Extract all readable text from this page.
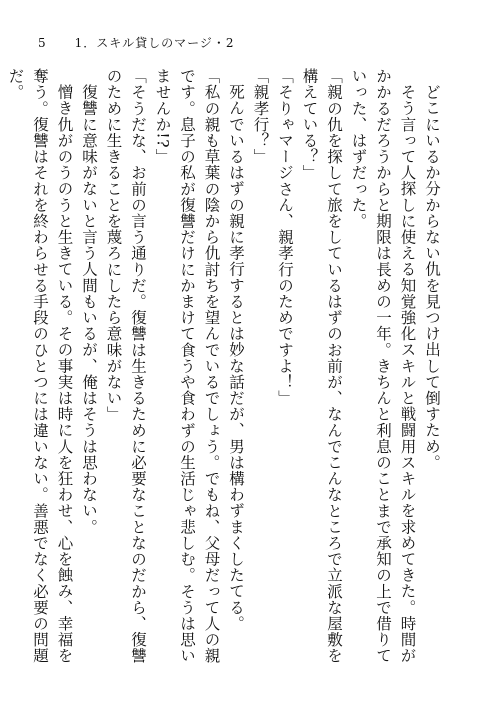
5 1．スキル貸しのマージ・2

どこにいるか分からない仇を見つけ出して倒すため。

そう言って人探しに使える知覚強化スキルと戦闘用スキルを求めてきた。時間がかかるだろうからと期限は長めの一年。きちんと利息のことまで承知の上で借りていった、はずだった。

「親の仇を探して旅をしているはずのお前が、なんでこんなところで立派な屋敷を構えている？」

「そりゃマージさん、親孝行のためですよ！」

「親孝行？」

死んでいるはずの親に孝行するとは妙な話だが、男は構わずまくしたてる。

「私の親も草葉の陰から仇討ちを望んでいるでしょう。でもね、父母だって人の親です。息子の私が復讐だけにかまけて食うや食わずの生活じゃ悲しむ。そうは思いませんか!?」

「そうだな、お前の言う通りだ。復讐は生きるために必要なことなのだから、復讐のために生きることを蔑ろにしたら意味がない」

復讐に意味がないと言う人間もいるが、俺はそうは思わない。

憎き仇がのうのうと生きている。その事実は時に人を狂わせ、心を蝕み、幸福を奪う。復讐はそれを終わらせる手段のひとつには違いない。善悪でなく必要の問題だ。
